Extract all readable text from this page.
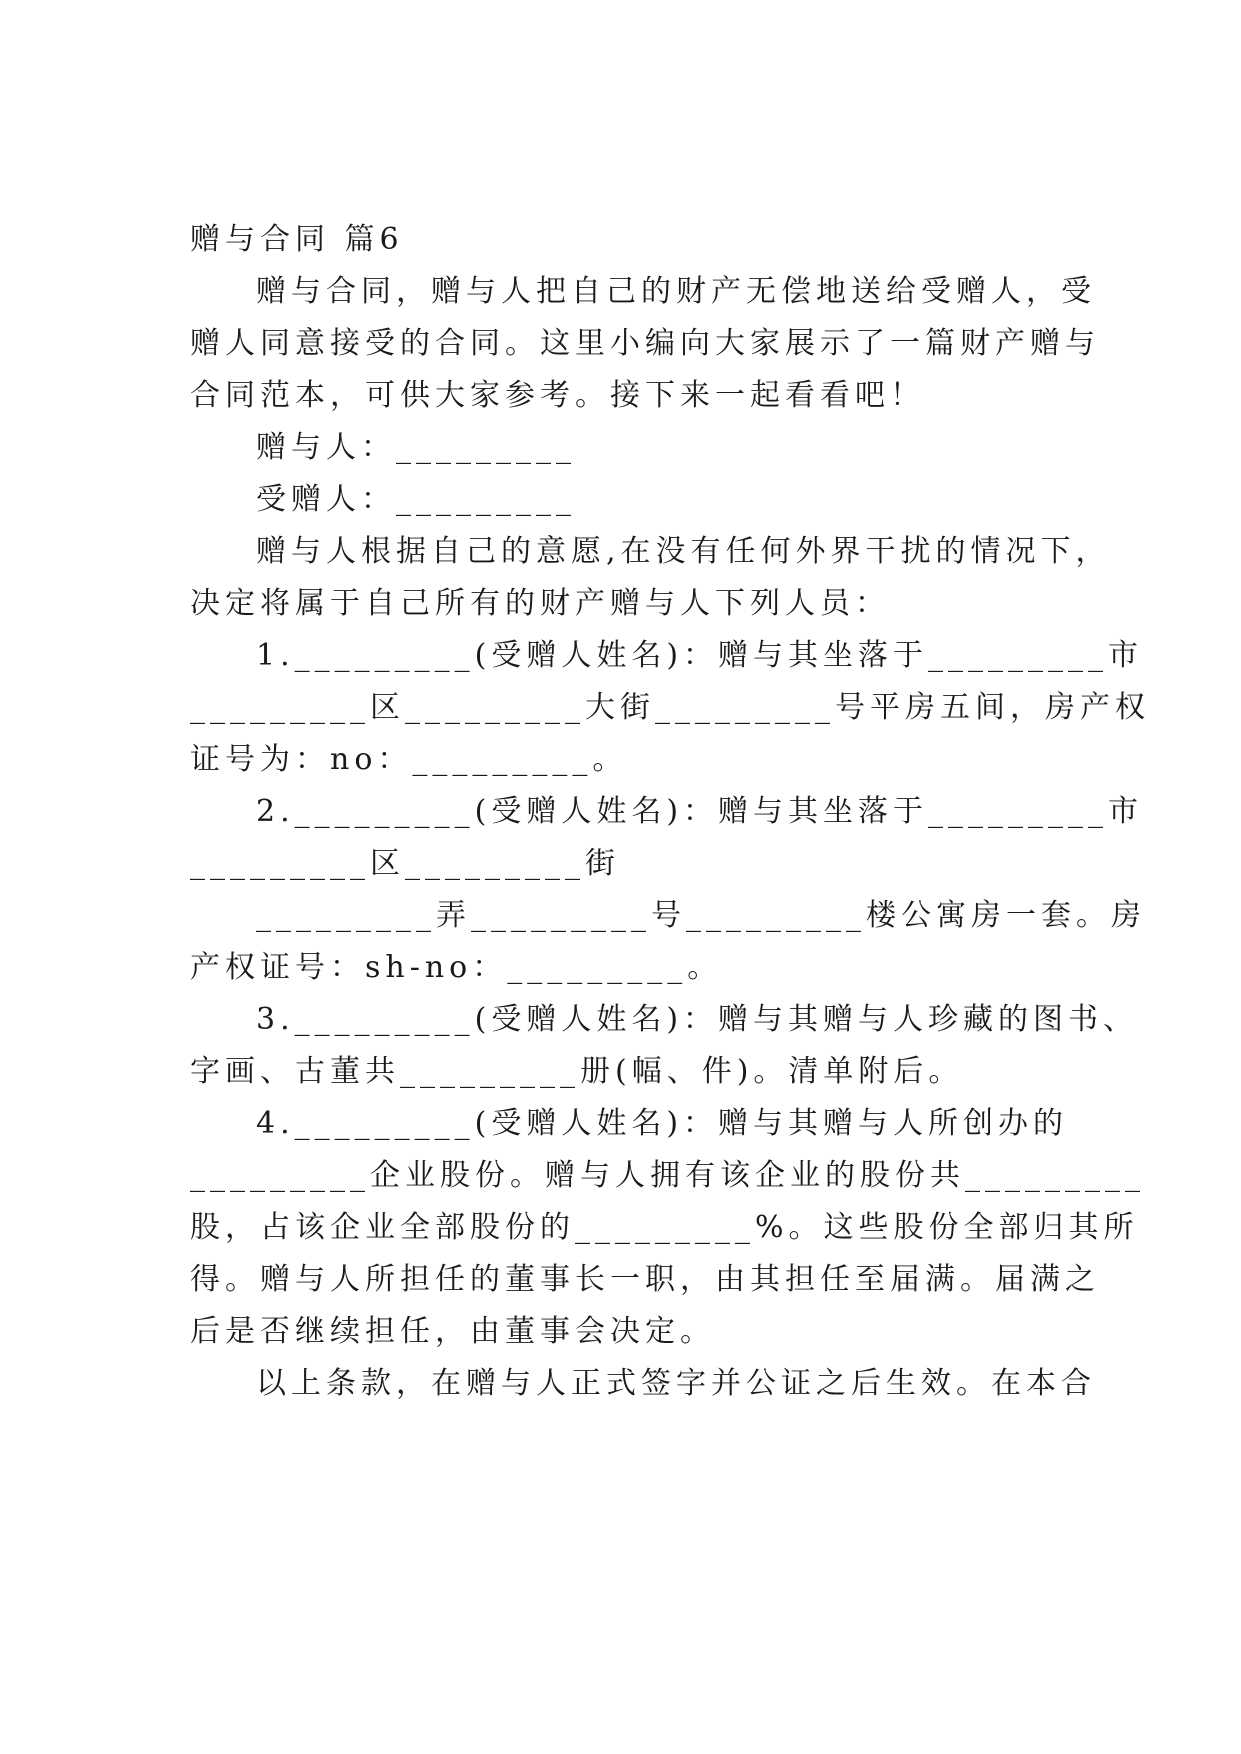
赠与合同 篇6
赠与合同，赠与人把自己的财产无偿地送给受赠人，受
赠人同意接受的合同。这里小编向大家展示了一篇财产赠与
合同范本，可供大家参考。接下来一起看看吧！
赠与人：_________
受赠人：_________
赠与人根据自己的意愿,在没有任何外界干扰的情况下，
决定将属于自己所有的财产赠与人下列人员：
1._________(受赠人姓名)：赠与其坐落于_________市
_________区_________大街_________号平房五间，房产权
证号为：no：_________。
2._________(受赠人姓名)：赠与其坐落于_________市
_________区_________街
_________弄_________号_________楼公寓房一套。房
产权证号：sh-no：_________。
3._________(受赠人姓名)：赠与其赠与人珍藏的图书、
字画、古董共_________册(幅、件)。清单附后。
4._________(受赠人姓名)：赠与其赠与人所创办的
_________企业股份。赠与人拥有该企业的股份共_________
股，占该企业全部股份的_________%。这些股份全部归其所
得。赠与人所担任的董事长一职，由其担任至届满。届满之
后是否继续担任，由董事会决定。
以上条款，在赠与人正式签字并公证之后生效。在本合
